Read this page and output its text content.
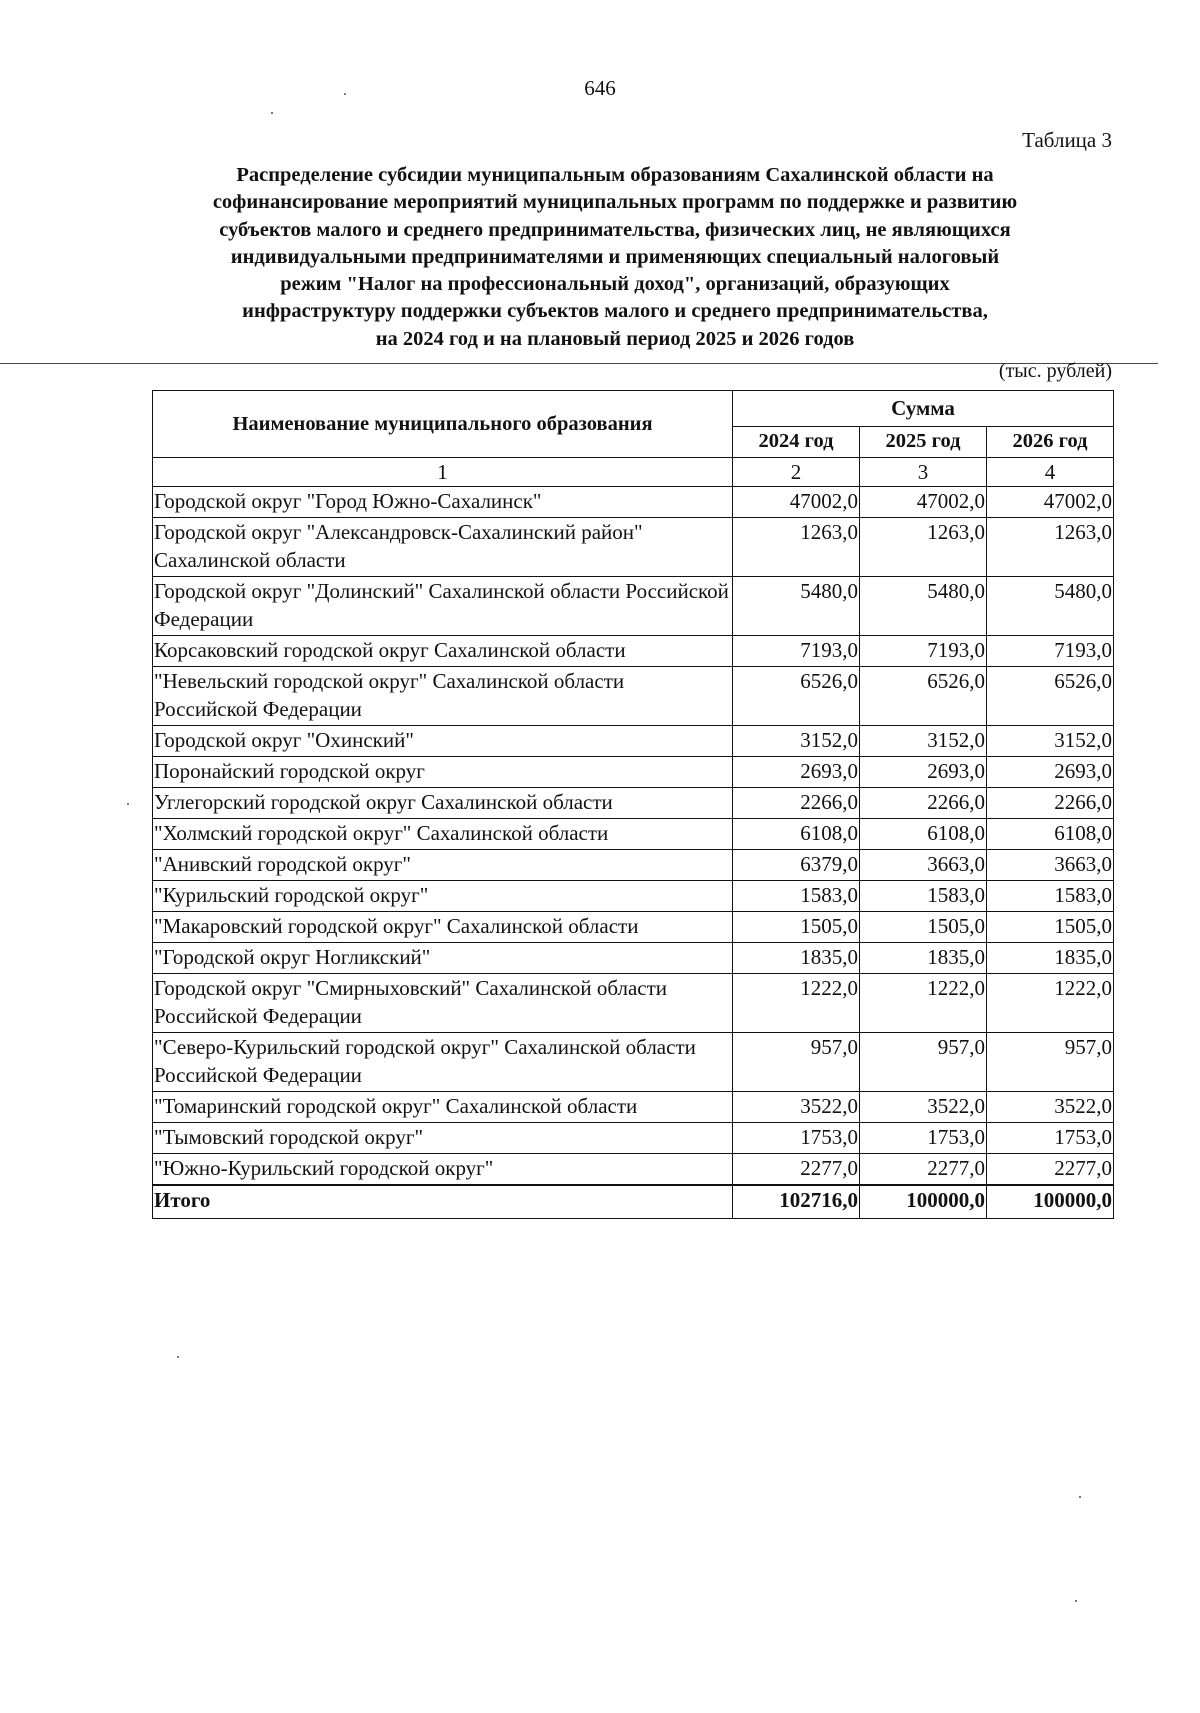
646
Таблица 3
Распределение субсидии муниципальным образованиям Сахалинской области на
софинансирование мероприятий муниципальных программ по поддержке и развитию
субъектов малого и среднего предпринимательства, физических лиц, не являющихся
индивидуальными предпринимателями и применяющих специальный налоговый
режим "Налог на профессиональный доход", организаций, образующих
инфраструктуру поддержки субъектов малого и среднего предпринимательства,
на 2024 год и на плановый период 2025 и 2026 годов
(тыс. рублей)
Наименование муниципального образования	Сумма		
	2024 год	2025 год	2026 год
1	2	3	4
Городской округ "Город Южно-Сахалинск"	47002,0	47002,0	47002,0
Городской округ "Александровск-Сахалинский район" Сахалинской области	1263,0	1263,0	1263,0
Городской округ "Долинский" Сахалинской области Российской Федерации	5480,0	5480,0	5480,0
Корсаковский городской округ Сахалинской области	7193,0	7193,0	7193,0
"Невельский городской округ" Сахалинской области Российской Федерации	6526,0	6526,0	6526,0
Городской округ "Охинский"	3152,0	3152,0	3152,0
Поронайский городской округ	2693,0	2693,0	2693,0
Углегорский городской округ Сахалинской области	2266,0	2266,0	2266,0
"Холмский городской округ" Сахалинской области	6108,0	6108,0	6108,0
"Анивский городской округ"	6379,0	3663,0	3663,0
"Курильский городской округ"	1583,0	1583,0	1583,0
"Макаровский городской округ" Сахалинской области	1505,0	1505,0	1505,0
"Городской округ Ногликский"	1835,0	1835,0	1835,0
Городской округ "Смирныховский" Сахалинской области Российской Федерации	1222,0	1222,0	1222,0
"Северо-Курильский городской округ" Сахалинской области Российской Федерации	957,0	957,0	957,0
"Томаринский городской округ" Сахалинской области	3522,0	3522,0	3522,0
"Тымовский городской округ"	1753,0	1753,0	1753,0
"Южно-Курильский городской округ"	2277,0	2277,0	2277,0
Итого	102716,0	100000,0	100000,0
